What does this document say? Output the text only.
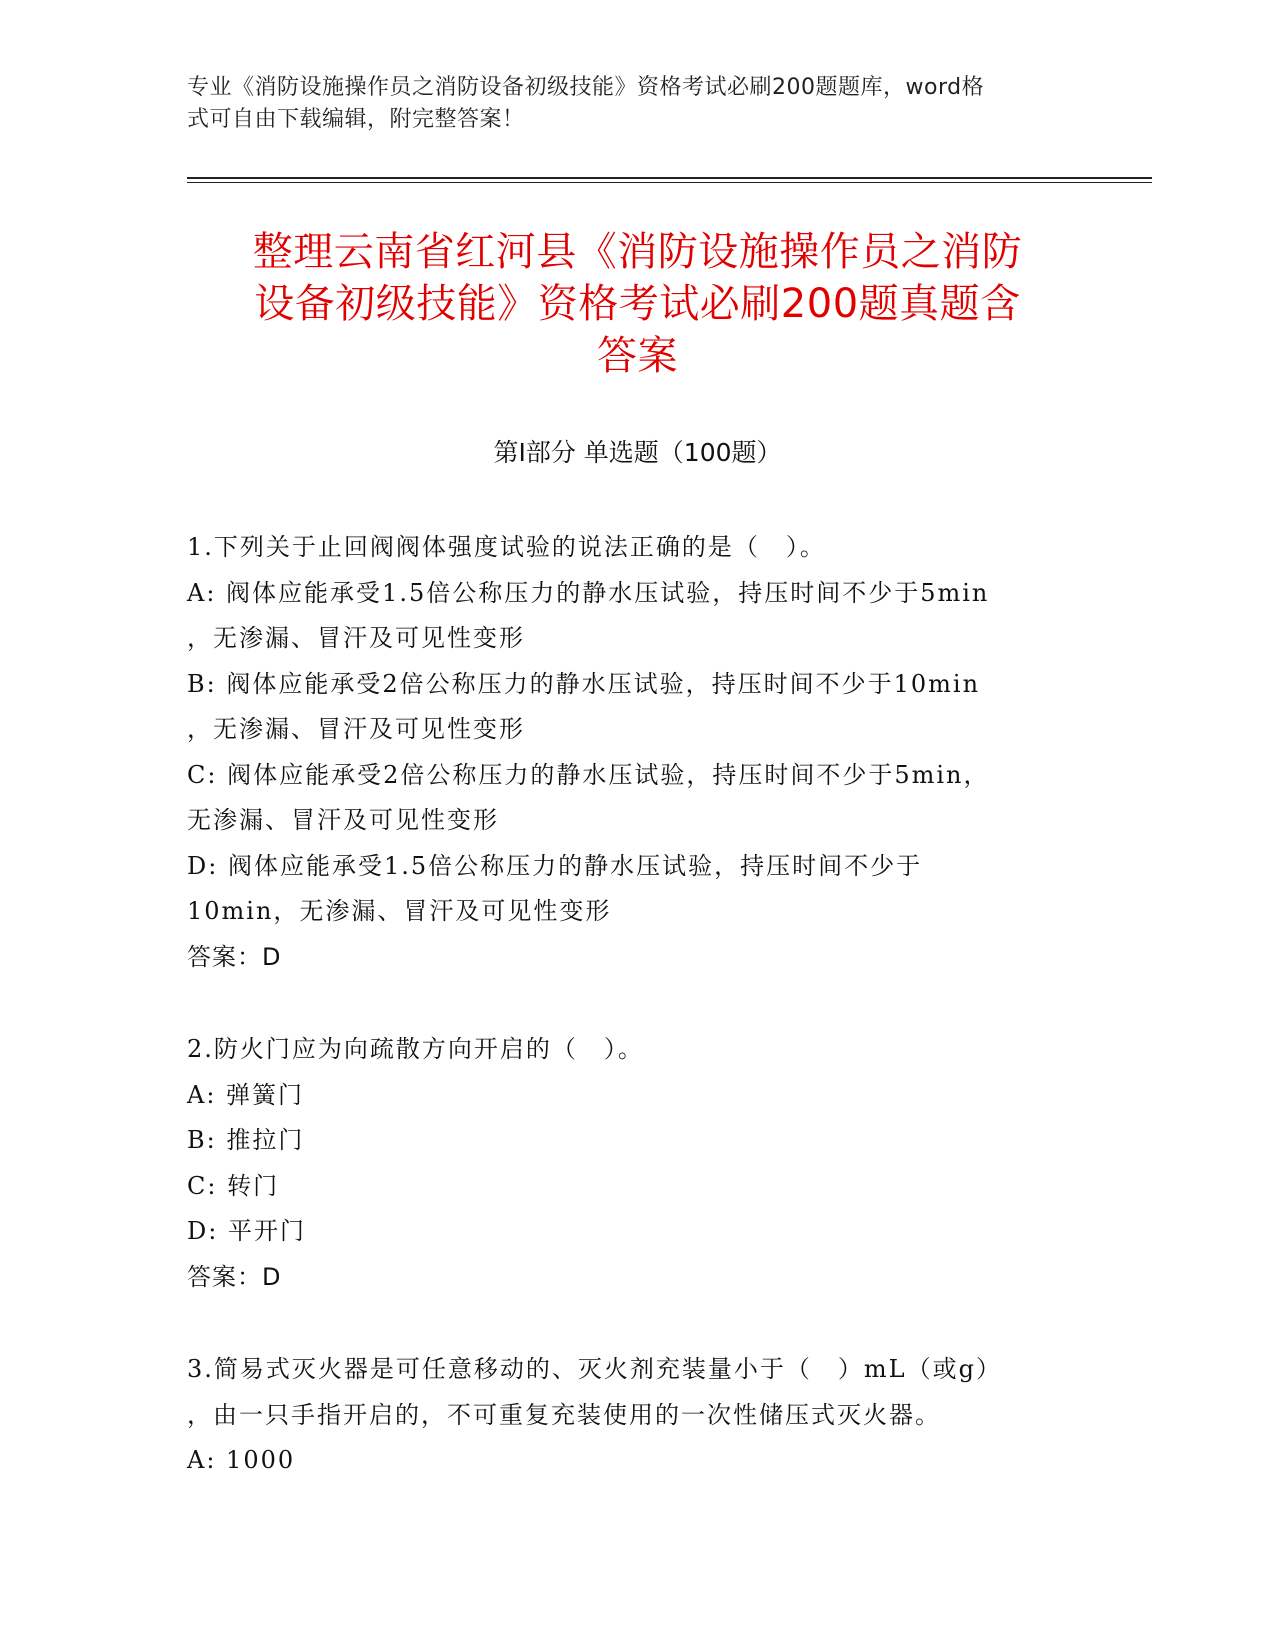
专业《消防设施操作员之消防设备初级技能》资格考试必刷200题题库，word格
式可自由下载编辑，附完整答案！
整理云南省红河县《消防设施操作员之消防
设备初级技能》资格考试必刷200题真题含
答案
第Ⅰ部分 单选题（100题）
1.下列关于止回阀阀体强度试验的说法正确的是（　）。
A: 阀体应能承受1.5倍公称压力的静水压试验，持压时间不少于5min
，无渗漏、冒汗及可见性变形
B: 阀体应能承受2倍公称压力的静水压试验，持压时间不少于10min
，无渗漏、冒汗及可见性变形
C: 阀体应能承受2倍公称压力的静水压试验，持压时间不少于5min，
无渗漏、冒汗及可见性变形
D: 阀体应能承受1.5倍公称压力的静水压试验，持压时间不少于
10min，无渗漏、冒汗及可见性变形
答案：D
2.防火门应为向疏散方向开启的（　）。
A: 弹簧门
B: 推拉门
C: 转门
D: 平开门
答案：D
3.简易式灭火器是可任意移动的、灭火剂充装量小于（　）mL（或g）
，由一只手指开启的，不可重复充装使用的一次性储压式灭火器。
A: 1000
